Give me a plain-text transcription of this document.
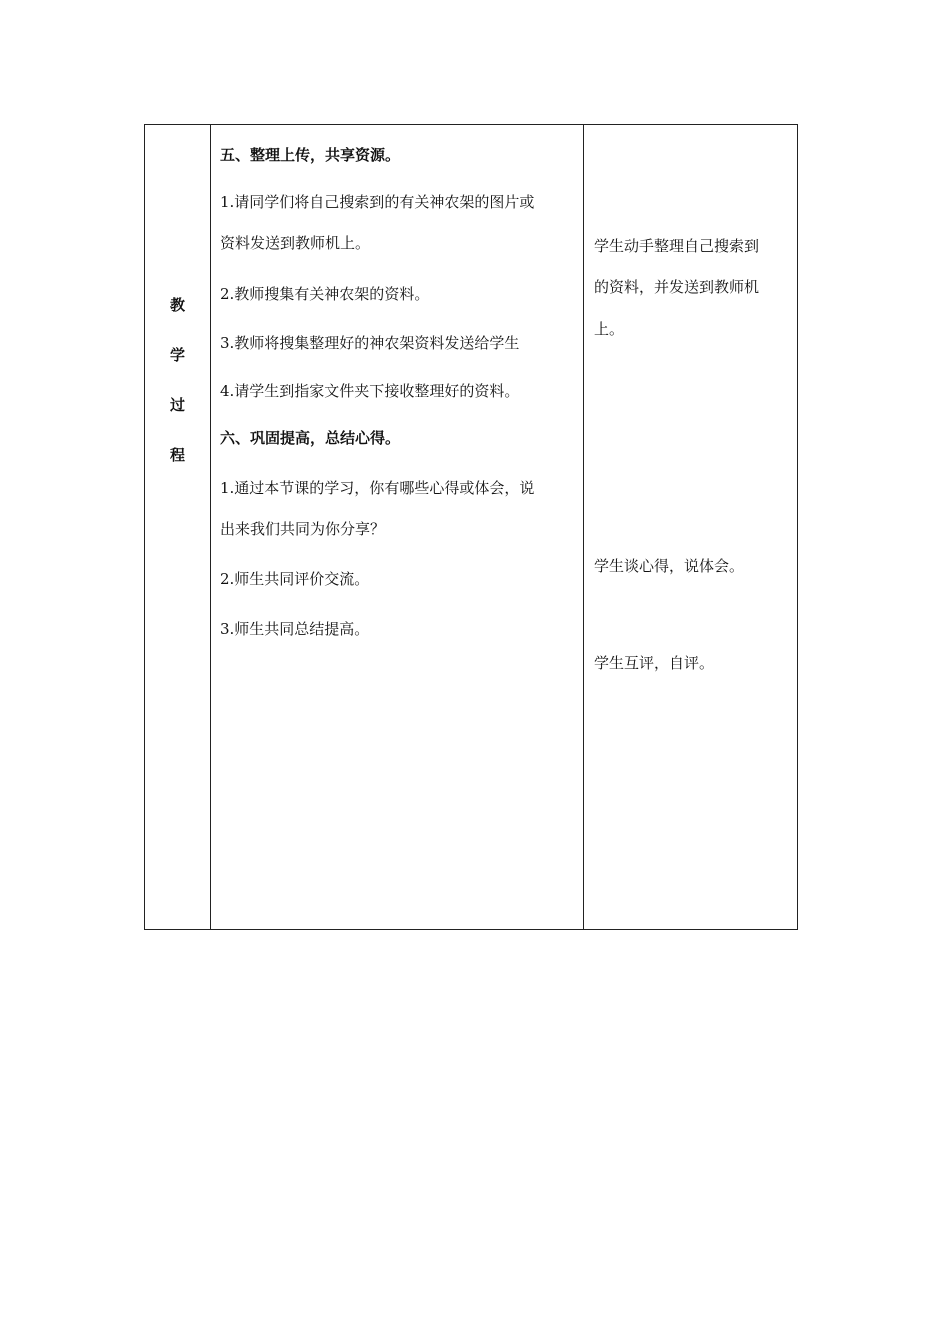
教
学
过
程
五、整理上传，共享资源。
1.请同学们将自己搜索到的有关神农架的图片或
资料发送到教师机上。
2.教师搜集有关神农架的资料。
3.教师将搜集整理好的神农架资料发送给学生
4.请学生到指家文件夹下接收整理好的资料。
六、巩固提高，总结心得。
1.通过本节课的学习，你有哪些心得或体会，说
出来我们共同为你分享？
2.师生共同评价交流。
3.师生共同总结提高。
学生动手整理自己搜索到
的资料，并发送到教师机
上。
学生谈心得，说体会。
学生互评，自评。
